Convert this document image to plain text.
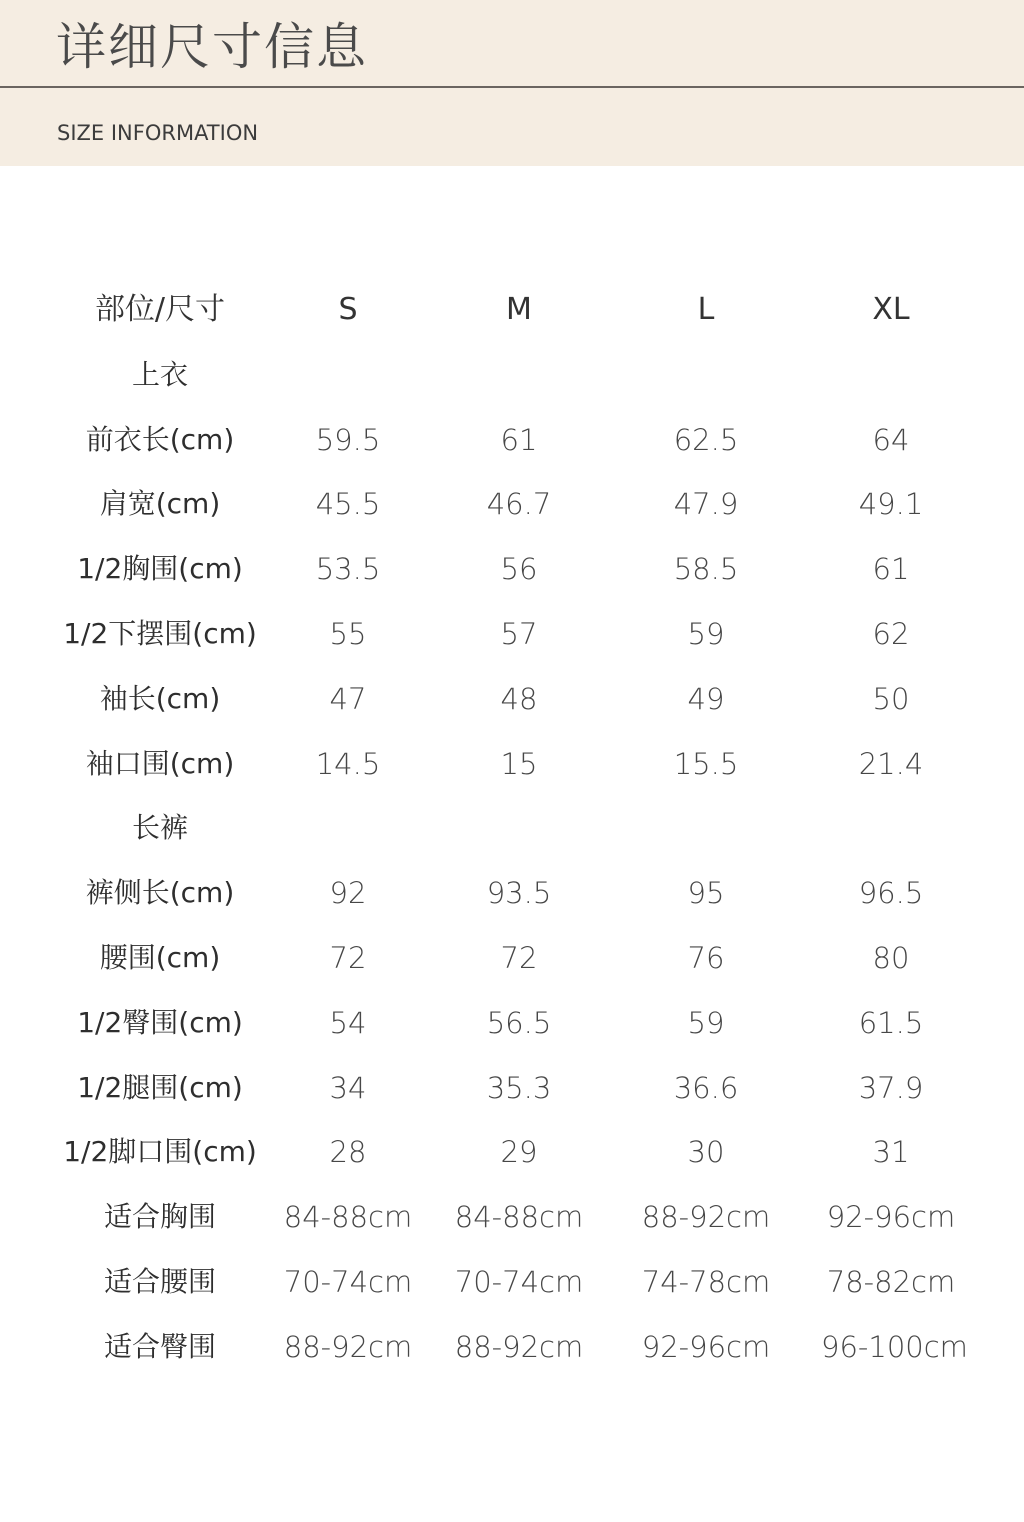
详细尺寸信息
SIZE INFORMATION
部位/尺寸	S	M	L	XL
上衣
前衣长(cm)	59.5	61	62.5	64
肩宽(cm)	45.5	46.7	47.9	49.1
1/2胸围(cm)	53.5	56	58.5	61
1/2下摆围(cm)	55	57	59	62
袖长(cm)	47	48	49	50
袖口围(cm)	14.5	15	15.5	21.4
长裤
裤侧长(cm)	92	93.5	95	96.5
腰围(cm)	72	72	76	80
1/2臀围(cm)	54	56.5	59	61.5
1/2腿围(cm)	34	35.3	36.6	37.9
1/2脚口围(cm)	28	29	30	31
适合胸围	84-88cm 84-88cm 88-92cm 92-96cm
适合腰围	70-74cm 70-74cm 74-78cm 78-82cm
适合臀围	88-92cm 88-92cm 92-96cm 96-100cm
